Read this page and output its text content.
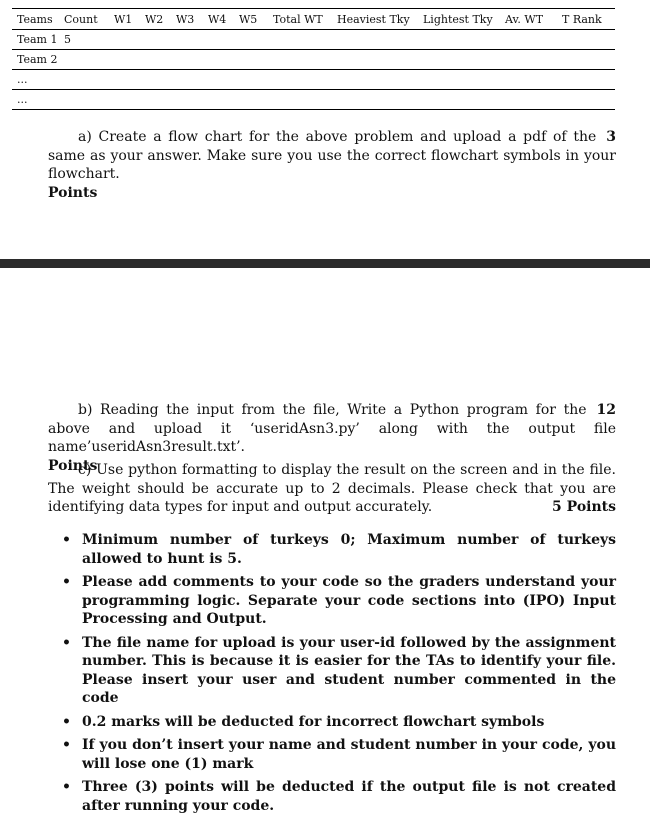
Teams	Count	W1	W2	W3	W4	W5	Total WT	Heaviest Tky	Lightest Tky	Av. WT	T Rank
Team 1	5										
Team 2											
...											
...											

3
a) Create a flow chart for the above problem and upload a pdf of the same as your answer. Make sure you use the correct flowchart symbols in your flowchart.
Points

12
b) Reading the input from the file, Write a Python program for the above and upload it ‘useridAsn3.py’ along with the output file name’useridAsn3result.txt’.
Points

c) Use python formatting to display the result on the screen and in the file. The weight should be accurate up to 2 decimals. Please check that you are identifying data types for input and output accurately.	5 Points

• Minimum number of turkeys 0; Maximum number of turkeys allowed to hunt is 5.
• Please add comments to your code so the graders understand your programming logic. Separate your code sections into (IPO) Input Processing and Output.
• The file name for upload is your user-id followed by the assignment number. This is because it is easier for the TAs to identify your file. Please insert your user and student number commented in the code
• 0.2 marks will be deducted for incorrect flowchart symbols
• If you don’t insert your name and student number in your code, you will lose one (1) mark
• Three (3) points will be deducted if the output file is not created after running your code.
